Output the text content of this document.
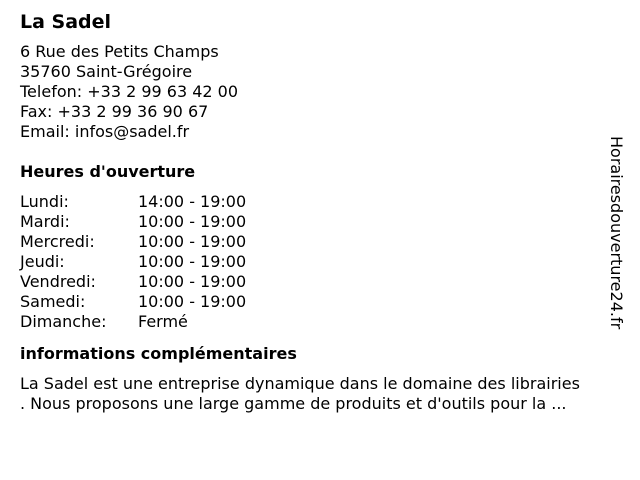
La Sadel
6 Rue des Petits Champs
35760 Saint-Grégoire
Telefon: +33 2 99 63 42 00
Fax: +33 2 99 36 90 67
Email: infos@sadel.fr
Heures d'ouverture
Lundi:	14:00 - 19:00
Mardi:	10:00 - 19:00
Mercredi:	10:00 - 19:00
Jeudi:	10:00 - 19:00
Vendredi:	10:00 - 19:00
Samedi:	10:00 - 19:00
Dimanche:	Fermé
informations complémentaires
La Sadel est une entreprise dynamique dans le domaine des librairies
. Nous proposons une large gamme de produits et d'outils pour la ...
Horairesdouverture24.fr
